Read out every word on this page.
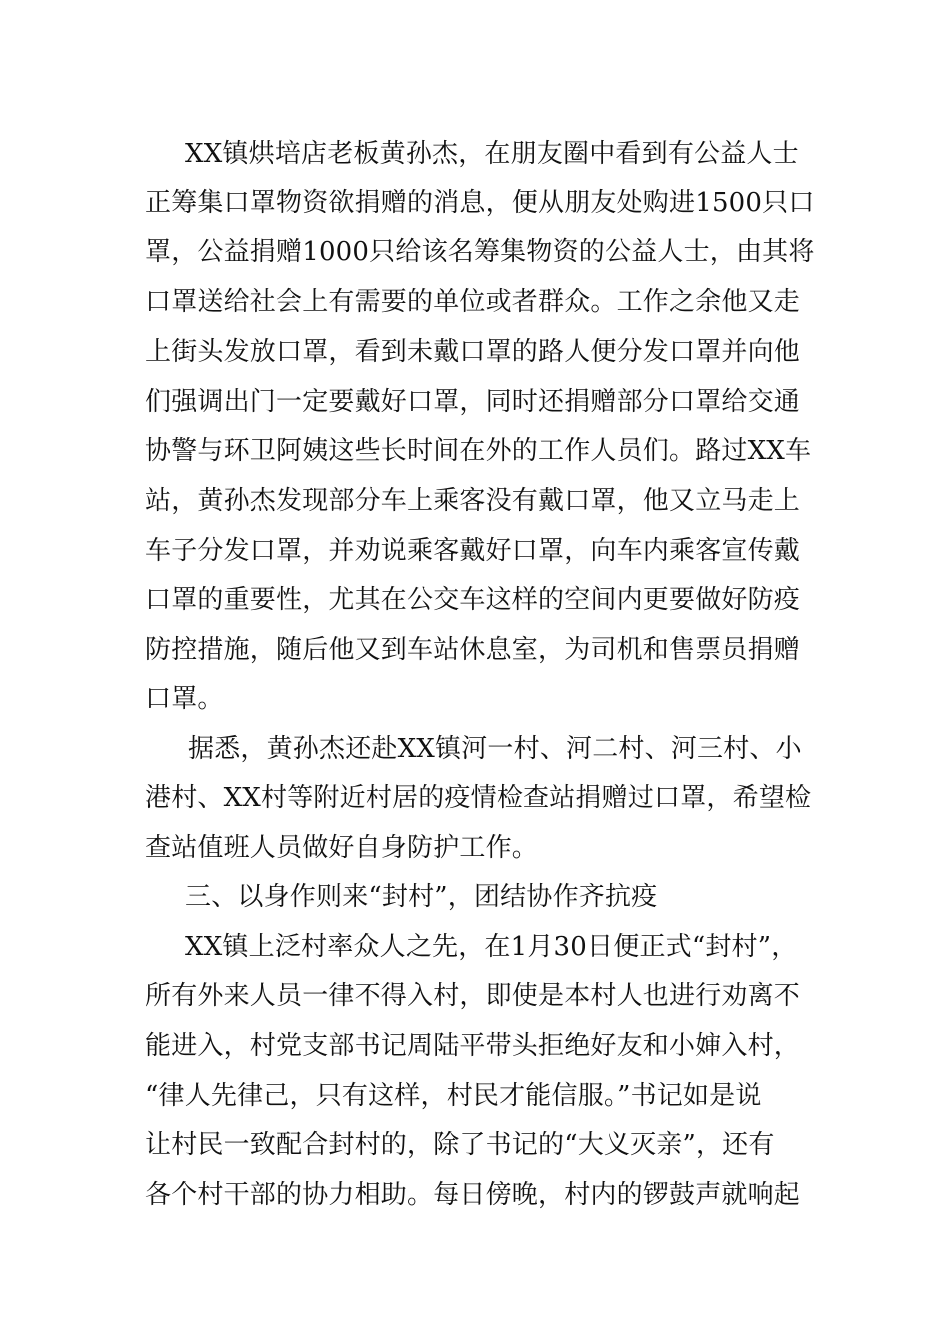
XX镇烘培店老板黄孙杰，在朋友圈中看到有公益人士
正筹集口罩物资欲捐赠的消息，便从朋友处购进1500只口
罩，公益捐赠1000只给该名筹集物资的公益人士，由其将
口罩送给社会上有需要的单位或者群众。工作之余他又走
上街头发放口罩，看到未戴口罩的路人便分发口罩并向他
们强调出门一定要戴好口罩，同时还捐赠部分口罩给交通
协警与环卫阿姨这些长时间在外的工作人员们。路过XX车
站，黄孙杰发现部分车上乘客没有戴口罩，他又立马走上
车子分发口罩，并劝说乘客戴好口罩，向车内乘客宣传戴
口罩的重要性，尤其在公交车这样的空间内更要做好防疫
防控措施，随后他又到车站休息室，为司机和售票员捐赠
口罩。
据悉，黄孙杰还赴XX镇河一村、河二村、河三村、小
港村、XX村等附近村居的疫情检查站捐赠过口罩，希望检
查站值班人员做好自身防护工作。
三、以身作则来“封村”，团结协作齐抗疫
XX镇上泛村率众人之先，在1月30日便正式“封村”，
所有外来人员一律不得入村，即使是本村人也进行劝离不
能进入，村党支部书记周陆平带头拒绝好友和小婶入村，
“律人先律己，只有这样，村民才能信服。”书记如是说
让村民一致配合封村的，除了书记的“大义灭亲”，还有
各个村干部的协力相助。每日傍晚，村内的锣鼓声就响起
